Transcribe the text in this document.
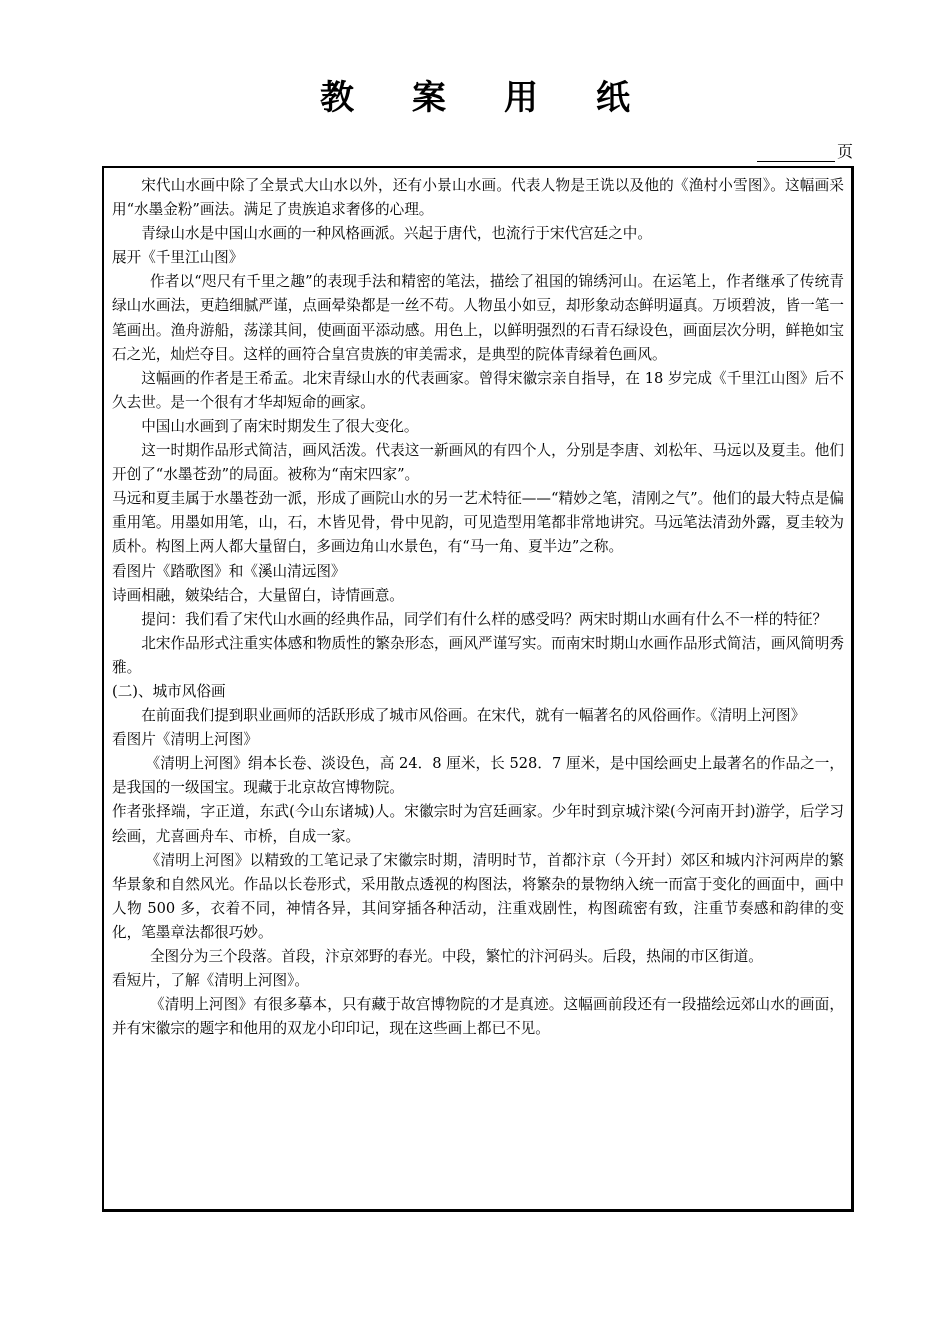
教案用纸
页

宋代山水画中除了全景式大山水以外，还有小景山水画。代表人物是王诜以及他的《渔村小雪图》。这幅画采用“水墨金粉”画法。满足了贵族追求奢侈的心理。

青绿山水是中国山水画的一种风格画派。兴起于唐代，也流行于宋代宫廷之中。

展开《千里江山图》

作者以“咫尺有千里之趣”的表现手法和精密的笔法，描绘了祖国的锦绣河山。在运笔上，作者继承了传统青绿山水画法，更趋细腻严谨，点画晕染都是一丝不苟。人物虽小如豆，却形象动态鲜明逼真。万顷碧波，皆一笔一笔画出。渔舟游船，荡漾其间，使画面平添动感。用色上，以鲜明强烈的石青石绿设色，画面层次分明，鲜艳如宝石之光，灿烂夺目。这样的画符合皇宫贵族的审美需求，是典型的院体青绿着色画风。

这幅画的作者是王希孟。北宋青绿山水的代表画家。曾得宋徽宗亲自指导，在 18 岁完成《千里江山图》后不久去世。是一个很有才华却短命的画家。

中国山水画到了南宋时期发生了很大变化。

这一时期作品形式简洁，画风活泼。代表这一新画风的有四个人，分别是李唐、刘松年、马远以及夏圭。他们开创了“水墨苍劲”的局面。被称为“南宋四家”。

马远和夏圭属于水墨苍劲一派，形成了画院山水的另一艺术特征——“精妙之笔，清刚之气”。他们的最大特点是偏重用笔。用墨如用笔，山，石，木皆见骨，骨中见韵，可见造型用笔都非常地讲究。马远笔法清劲外露，夏圭较为质朴。构图上两人都大量留白，多画边角山水景色，有“马一角、夏半边”之称。

看图片《踏歌图》和《溪山清远图》

诗画相融，皴染结合，大量留白，诗情画意。

提问：我们看了宋代山水画的经典作品，同学们有什么样的感受吗？两宋时期山水画有什么不一样的特征？

北宋作品形式注重实体感和物质性的繁杂形态，画风严谨写实。而南宋时期山水画作品形式简洁，画风简明秀雅。

(二)、城市风俗画

在前面我们提到职业画师的活跃形成了城市风俗画。在宋代，就有一幅著名的风俗画作。《清明上河图》

看图片《清明上河图》

《清明上河图》绢本长卷、淡设色，高 24．8 厘米，长 528．7 厘米，是中国绘画史上最著名的作品之一，是我国的一级国宝。现藏于北京故宫博物院。

作者张择端，字正道，东武(今山东诸城)人。宋徽宗时为宫廷画家。少年时到京城汴梁(今河南开封)游学，后学习绘画，尤喜画舟车、市桥，自成一家。

《清明上河图》以精致的工笔记录了宋徽宗时期，清明时节，首都汴京（今开封）郊区和城内汴河两岸的繁华景象和自然风光。作品以长卷形式，采用散点透视的构图法，将繁杂的景物纳入统一而富于变化的画面中，画中人物 500 多，衣着不同，神情各异，其间穿插各种活动，注重戏剧性，构图疏密有致，注重节奏感和韵律的变化，笔墨章法都很巧妙。

全图分为三个段落。首段，汴京郊野的春光。中段，繁忙的汴河码头。后段，热闹的市区街道。

看短片，了解《清明上河图》。

《清明上河图》有很多摹本，只有藏于故宫博物院的才是真迹。这幅画前段还有一段描绘远郊山水的画面，并有宋徽宗的题字和他用的双龙小印印记，现在这些画上都已不见。
